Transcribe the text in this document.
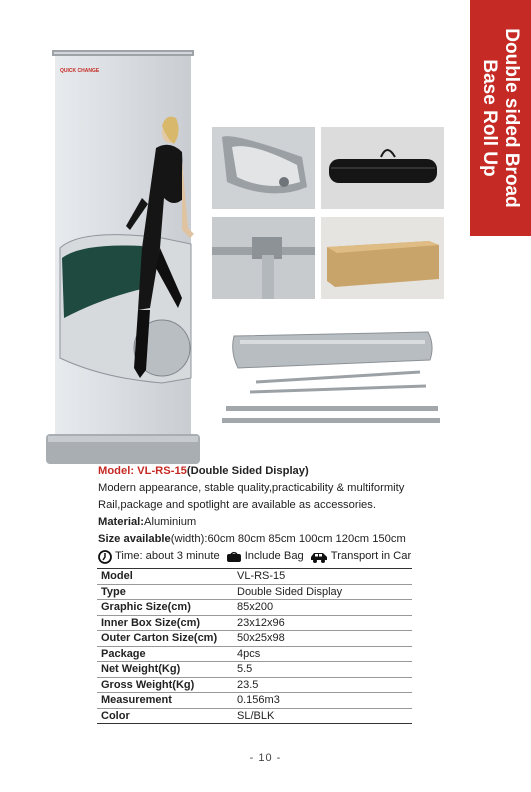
Double sided Broad
Base Roll Up
QUICK CHANGE
Model: VL-RS-15(Double Sided Display)
Modern appearance, stable quality,practicability & multiformity Rail,package and spotlight are available as accessories.
Material:Aluminium
Size available(width):60cm 80cm 85cm 100cm 120cm 150cm
Time: about 3 minute Include Bag Transport in Car
Model	VL-RS-15
Type	Double Sided Display
Graphic Size(cm)	85x200
Inner Box Size(cm)	23x12x96
Outer Carton Size(cm)	50x25x98
Package	4pcs
Net Weight(Kg)	5.5
Gross Weight(Kg)	23.5
Measurement	0.156m3
Color	SL/BLK
- 10 -
